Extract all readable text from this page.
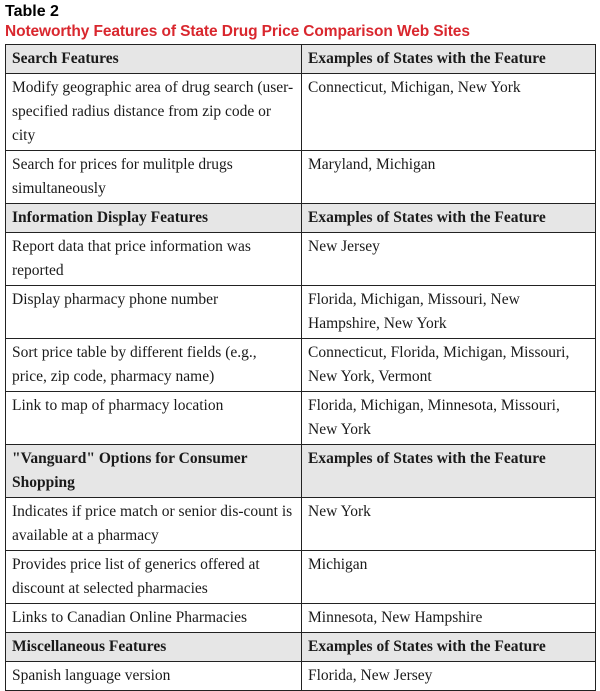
Table 2
Noteworthy Features of State Drug Price Comparison Web Sites
Search Features	Examples of States with the Feature
Modify geographic area of drug search (user-specified radius distance from zip code or city	Connecticut, Michigan, New York
Search for prices for mulitple drugs simultaneously	Maryland, Michigan
Information Display Features	Examples of States with the Feature
Report data that price information was reported	New Jersey
Display pharmacy phone number	Florida, Michigan, Missouri, New Hampshire, New York
Sort price table by different fields (e.g., price, zip code, pharmacy name)	Connecticut, Florida, Michigan, Missouri, New York, Vermont
Link to map of pharmacy location	Florida, Michigan, Minnesota, Missouri, New York
"Vanguard" Options for Consumer Shopping	Examples of States with the Feature
Indicates if price match or senior dis-count is available at a pharmacy	New York
Provides price list of generics offered at discount at selected pharmacies	Michigan
Links to Canadian Online Pharmacies	Minnesota, New Hampshire
Miscellaneous Features	Examples of States with the Feature
Spanish language version	Florida, New Jersey
